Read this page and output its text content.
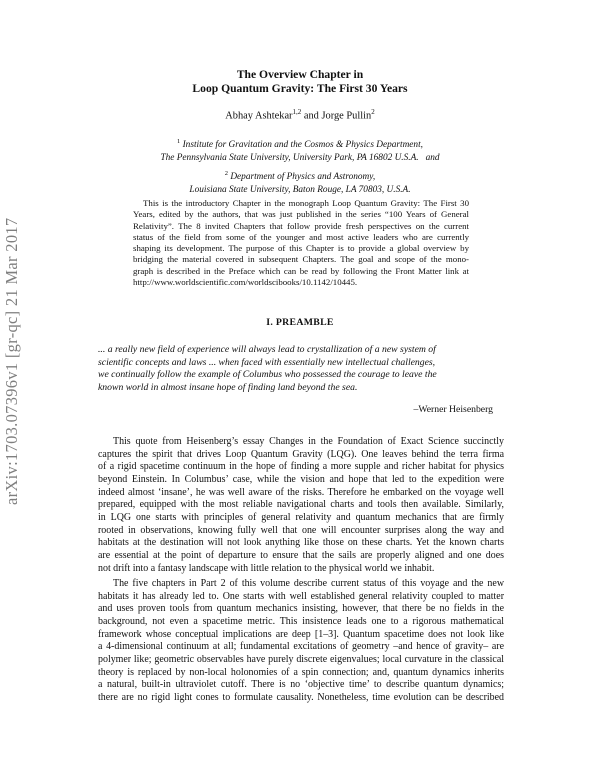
arXiv:1703.07396v1 [gr-qc] 21 Mar 2017
The Overview Chapter in
Loop Quantum Gravity: The First 30 Years
Abhay Ashtekar$^{1,2}$ and Jorge Pullin$^2$
$^1$ Institute for Gravitation and the Cosmos & Physics Department,
The Pennsylvania State University, University Park, PA 16802 U.S.A. and
$^2$ Department of Physics and Astronomy,
Louisiana State University, Baton Rouge, LA 70803, U.S.A.
This is the introductory Chapter in the monograph Loop Quantum Gravity: The First 30
Years, edited by the authors, that was just published in the series “100 Years of General
Relativity”. The 8 invited Chapters that follow provide fresh perspectives on the current
status of the field from some of the younger and most active leaders who are currently
shaping its development. The purpose of this Chapter is to provide a global overview by
bridging the material covered in subsequent Chapters. The goal and scope of the mono-
graph is described in the Preface which can be read by following the Front Matter link at
http://www.worldscientific.com/worldscibooks/10.1142/10445.
I. PREAMBLE
... a really new field of experience will always lead to crystallization of a new system of
scientific concepts and laws ... when faced with essentially new intellectual challenges,
we continually follow the example of Columbus who possessed the courage to leave the
known world in almost insane hope of finding land beyond the sea.
–Werner Heisenberg
This quote from Heisenberg’s essay Changes in the Foundation of Exact Science succinctly
captures the spirit that drives Loop Quantum Gravity (LQG). One leaves behind the terra firma
of a rigid spacetime continuum in the hope of finding a more supple and richer habitat for physics
beyond Einstein. In Columbus’ case, while the vision and hope that led to the expedition were
indeed almost ‘insane’, he was well aware of the risks. Therefore he embarked on the voyage well
prepared, equipped with the most reliable navigational charts and tools then available. Similarly,
in LQG one starts with principles of general relativity and quantum mechanics that are firmly
rooted in observations, knowing fully well that one will encounter surprises along the way and
habitats at the destination will not look anything like those on these charts. Yet the known charts
are essential at the point of departure to ensure that the sails are properly aligned and one does
not drift into a fantasy landscape with little relation to the physical world we inhabit.
The five chapters in Part 2 of this volume describe current status of this voyage and the new
habitats it has already led to. One starts with well established general relativity coupled to matter
and uses proven tools from quantum mechanics insisting, however, that there be no fields in the
background, not even a spacetime metric. This insistence leads one to a rigorous mathematical
framework whose conceptual implications are deep [1–3]. Quantum spacetime does not look like
a 4-dimensional continuum at all; fundamental excitations of geometry –and hence of gravity– are
polymer like; geometric observables have purely discrete eigenvalues; local curvature in the classical
theory is replaced by non-local holonomies of a spin connection; and, quantum dynamics inherits
a natural, built-in ultraviolet cutoff. There is no ‘objective time’ to describe quantum dynamics;
there are no rigid light cones to formulate causality. Nonetheless, time evolution can be described
